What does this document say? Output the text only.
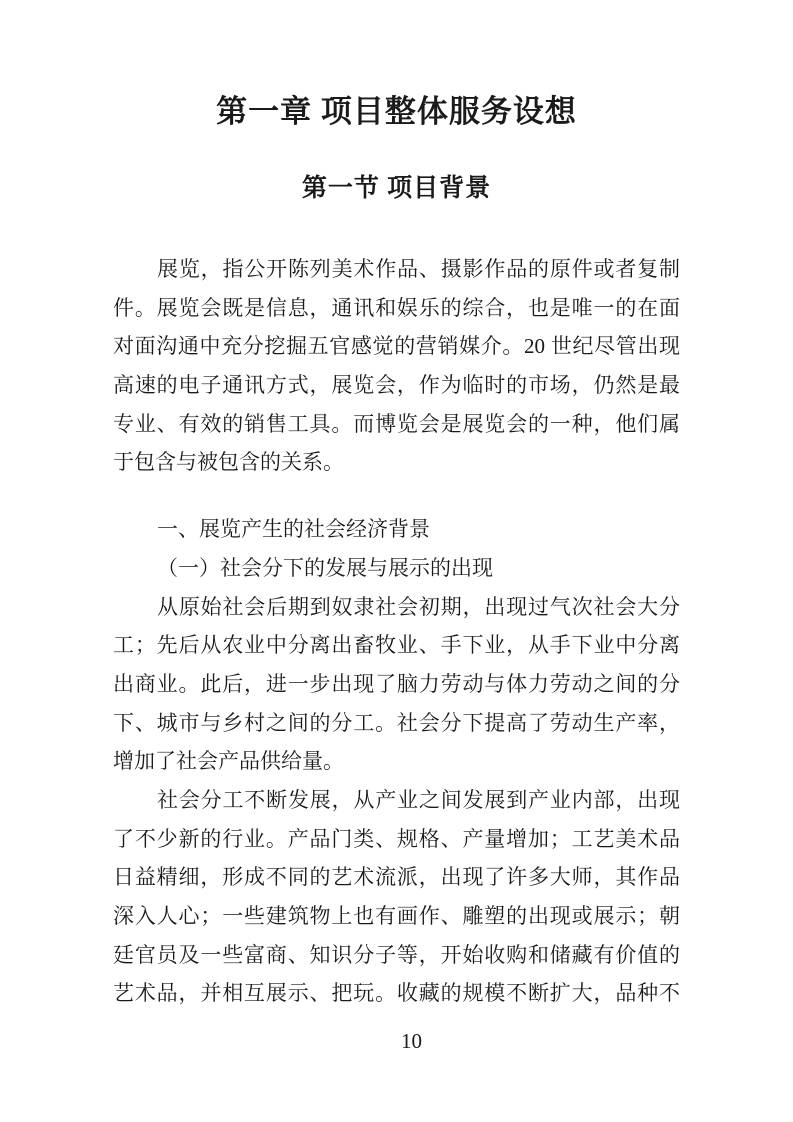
第一章 项目整体服务设想
第一节 项目背景
展览，指公开陈列美术作品、摄影作品的原件或者复制
件。展览会既是信息，通讯和娱乐的综合，也是唯一的在面
对面沟通中充分挖掘五官感觉的营销媒介。20 世纪尽管出现
高速的电子通讯方式，展览会，作为临时的市场，仍然是最
专业、有效的销售工具。而博览会是展览会的一种，他们属
于包含与被包含的关系。
一、展览产生的社会经济背景
（一）社会分下的发展与展示的出现
从原始社会后期到奴隶社会初期，出现过气次社会大分
工；先后从农业中分离出畜牧业、手下业，从手下业中分离
出商业。此后，进一步出现了脑力劳动与体力劳动之间的分
下、城市与乡村之间的分工。社会分下提高了劳动生产率，
增加了社会产品供给量。
社会分工不断发展，从产业之间发展到产业内部，出现
了不少新的行业。产品门类、规格、产量增加；工艺美术品
日益精细，形成不同的艺术流派，出现了许多大师，其作品
深入人心；一些建筑物上也有画作、雕塑的出现或展示；朝
廷官员及一些富商、知识分子等，开始收购和储藏有价值的
艺术品，并相互展示、把玩。收藏的规模不断扩大，品种不
10
